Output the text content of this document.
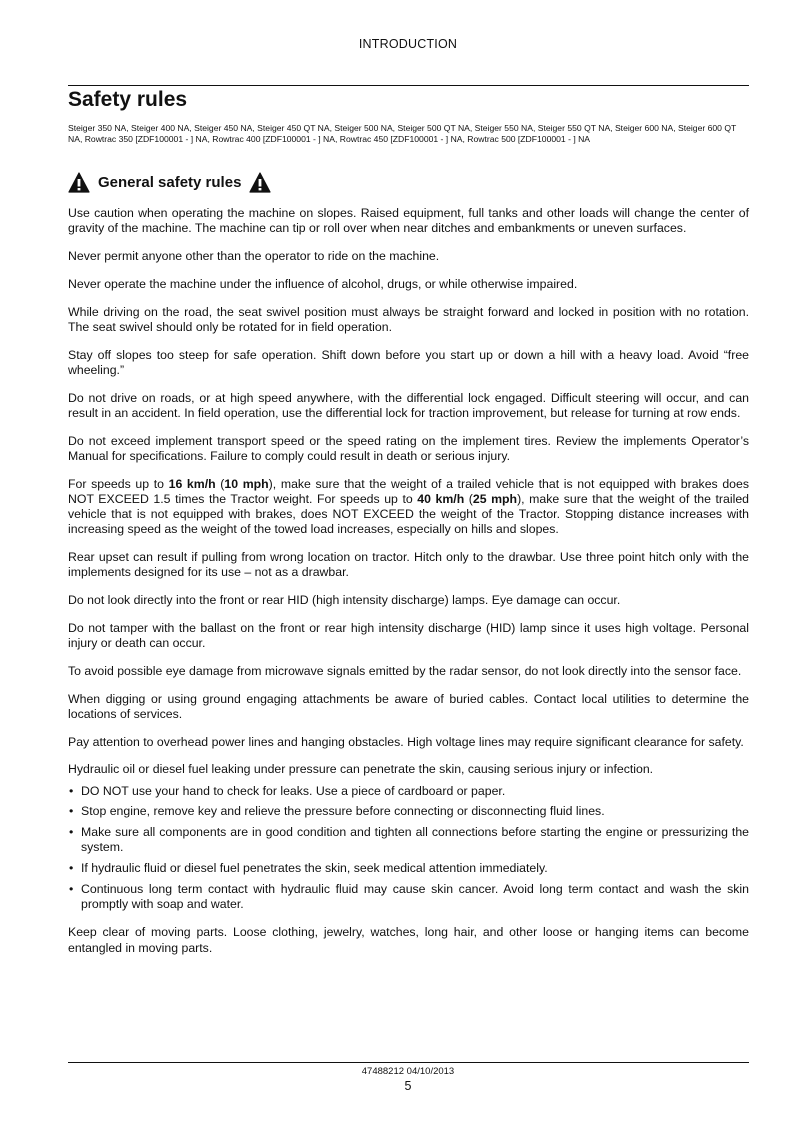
INTRODUCTION
Safety rules
Steiger 350 NA, Steiger 400 NA, Steiger 450 NA, Steiger 450 QT NA, Steiger 500 NA, Steiger 500 QT NA, Steiger 550 NA, Steiger 550 QT NA, Steiger 600 NA, Steiger 600 QT NA, Rowtrac 350 [ZDF100001 - ] NA, Rowtrac 400 [ZDF100001 - ] NA, Rowtrac 450 [ZDF100001 - ] NA, Rowtrac 500 [ZDF100001 - ] NA
General safety rules

Use caution when operating the machine on slopes. Raised equipment, full tanks and other loads will change the center of gravity of the machine. The machine can tip or roll over when near ditches and embankments or uneven surfaces.

Never permit anyone other than the operator to ride on the machine.

Never operate the machine under the influence of alcohol, drugs, or while otherwise impaired.

While driving on the road, the seat swivel position must always be straight forward and locked in position with no rotation. The seat swivel should only be rotated for in field operation.

Stay off slopes too steep for safe operation. Shift down before you start up or down a hill with a heavy load. Avoid “free wheeling.”

Do not drive on roads, or at high speed anywhere, with the differential lock engaged. Difficult steering will occur, and can result in an accident. In field operation, use the differential lock for traction improvement, but release for turning at row ends.

Do not exceed implement transport speed or the speed rating on the implement tires. Review the implements Operator’s Manual for specifications. Failure to comply could result in death or serious injury.

For speeds up to 16 km/h (10 mph), make sure that the weight of a trailed vehicle that is not equipped with brakes does NOT EXCEED 1.5 times the Tractor weight. For speeds up to 40 km/h (25 mph), make sure that the weight of the trailed vehicle that is not equipped with brakes, does NOT EXCEED the weight of the Tractor. Stopping distance increases with increasing speed as the weight of the towed load increases, especially on hills and slopes.

Rear upset can result if pulling from wrong location on tractor. Hitch only to the drawbar. Use three point hitch only with the implements designed for its use – not as a drawbar.

Do not look directly into the front or rear HID (high intensity discharge) lamps. Eye damage can occur.

Do not tamper with the ballast on the front or rear high intensity discharge (HID) lamp since it uses high voltage. Personal injury or death can occur.

To avoid possible eye damage from microwave signals emitted by the radar sensor, do not look directly into the sensor face.

When digging or using ground engaging attachments be aware of buried cables. Contact local utilities to determine the locations of services.

Pay attention to overhead power lines and hanging obstacles. High voltage lines may require significant clearance for safety.

Hydraulic oil or diesel fuel leaking under pressure can penetrate the skin, causing serious injury or infection.

• DO NOT use your hand to check for leaks. Use a piece of cardboard or paper.
• Stop engine, remove key and relieve the pressure before connecting or disconnecting fluid lines.
• Make sure all components are in good condition and tighten all connections before starting the engine or pressurizing the system.
• If hydraulic fluid or diesel fuel penetrates the skin, seek medical attention immediately.
• Continuous long term contact with hydraulic fluid may cause skin cancer. Avoid long term contact and wash the skin promptly with soap and water.

Keep clear of moving parts. Loose clothing, jewelry, watches, long hair, and other loose or hanging items can become entangled in moving parts.

47488212 04/10/2013
5
